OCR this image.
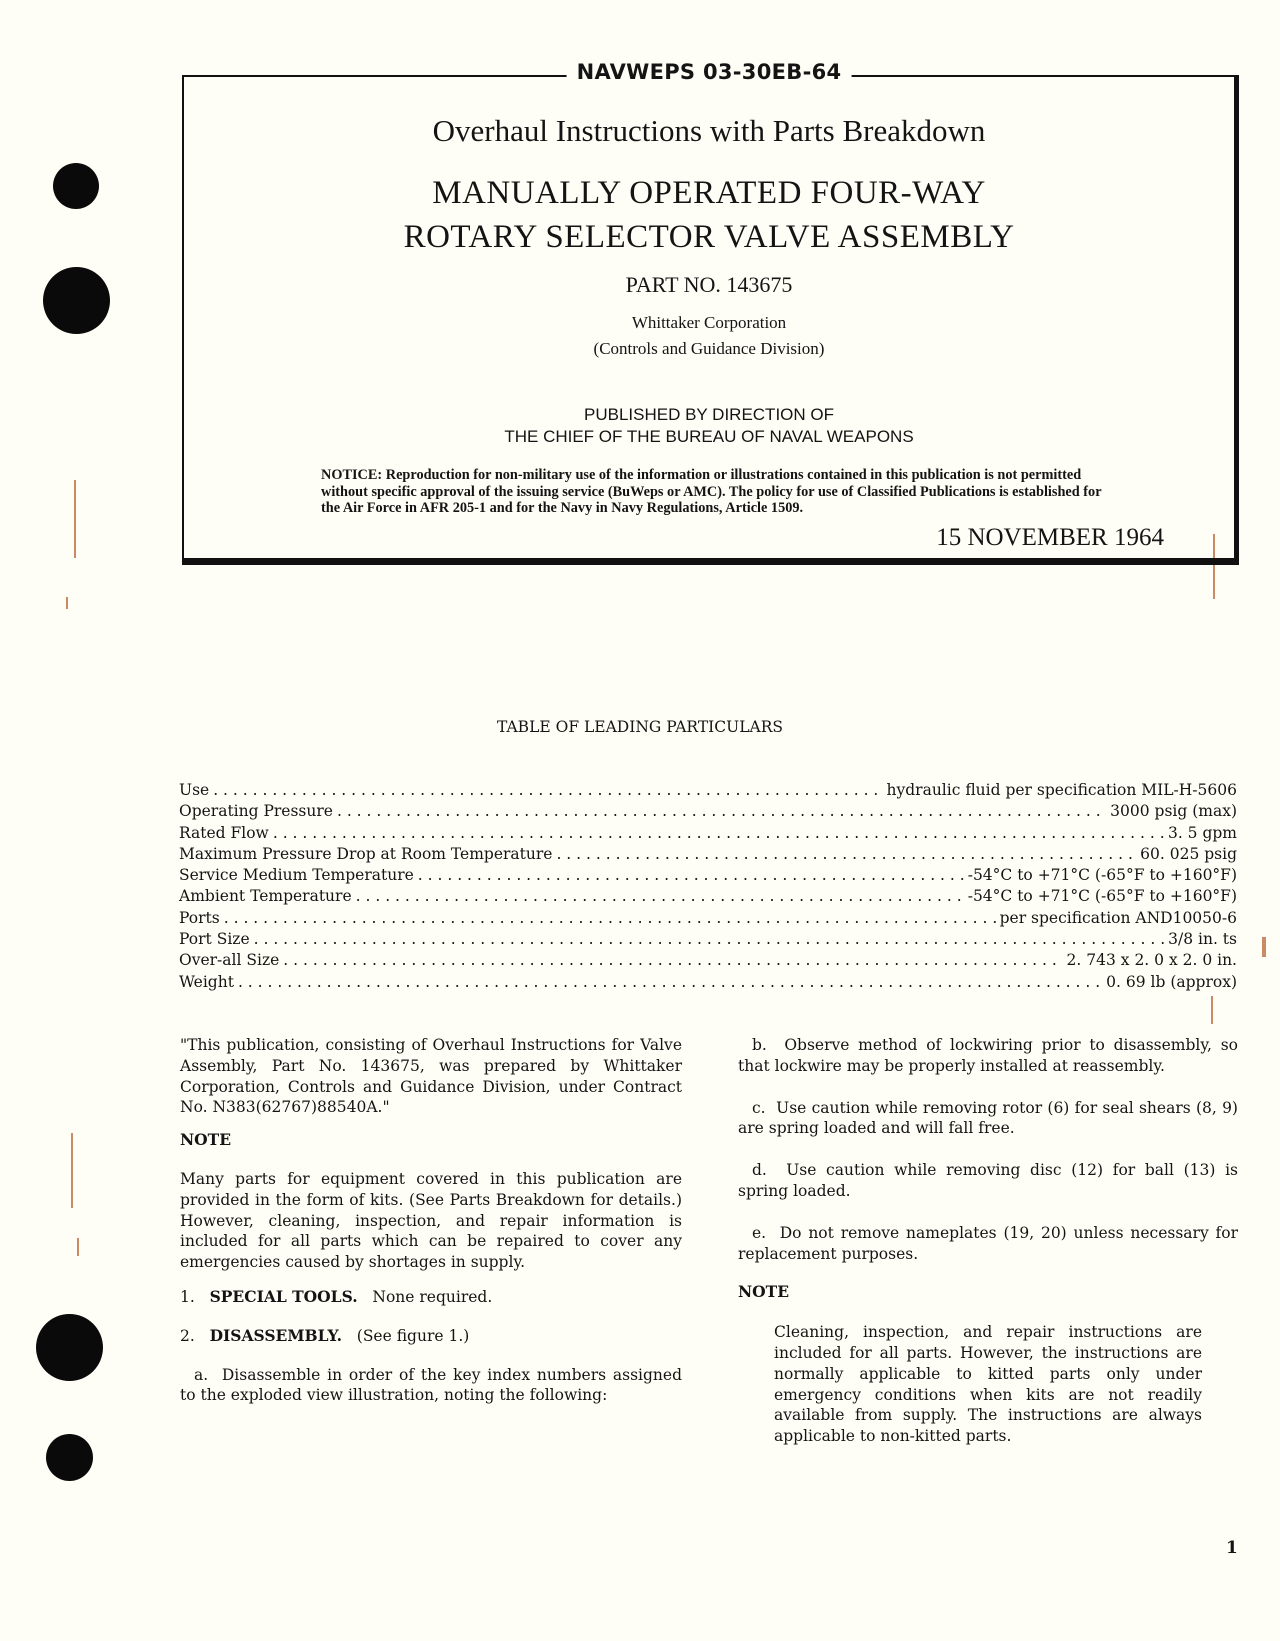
NAVWEPS 03-30EB-64
Overhaul Instructions with Parts Breakdown
MANUALLY OPERATED FOUR-WAY
ROTARY SELECTOR VALVE ASSEMBLY
PART NO. 143675
Whittaker Corporation
(Controls and Guidance Division)
PUBLISHED BY DIRECTION OF
THE CHIEF OF THE BUREAU OF NAVAL WEAPONS
NOTICE: Reproduction for non-military use of the information or illustrations contained in this publication is not permitted without specific approval of the issuing service (BuWeps or AMC). The policy for use of Classified Publications is established for the Air Force in AFR 205-1 and for the Navy in Navy Regulations, Article 1509.
15 NOVEMBER 1964
TABLE OF LEADING PARTICULARS
Use . . .	hydraulic fluid per specification MIL-H-5606
Operating Pressure . . .	3000 psig (max)
Rated Flow . . .	3. 5 gpm
Maximum Pressure Drop at Room Temperature . . .	60. 025 psig
Service Medium Temperature . . .	-54°C to +71°C (-65°F to +160°F)
Ambient Temperature . . .	-54°C to +71°C (-65°F to +160°F)
Ports . . .	per specification AND10050-6
Port Size . . .	3/8 in. ts
Over-all Size . . .	2. 743 x 2. 0 x 2. 0 in.
Weight . . .	0. 69 lb (approx)

"This publication, consisting of Overhaul Instructions for Valve Assembly, Part No. 143675, was prepared by Whittaker Corporation, Controls and Guidance Division, under Contract No. N383(62767)88540A."

NOTE

Many parts for equipment covered in this publication are provided in the form of kits. (See Parts Breakdown for details.) However, cleaning, inspection, and repair information is included for all parts which can be repaired to cover any emergencies caused by shortages in supply.

1. SPECIAL TOOLS. None required.

2. DISASSEMBLY. (See figure 1.)

a. Disassemble in order of the key index numbers assigned to the exploded view illustration, noting the following:

b. Observe method of lockwiring prior to disassembly, so that lockwire may be properly installed at reassembly.

c. Use caution while removing rotor (6) for seal shears (8, 9) are spring loaded and will fall free.

d. Use caution while removing disc (12) for ball (13) is spring loaded.

e. Do not remove nameplates (19, 20) unless necessary for replacement purposes.

NOTE

Cleaning, inspection, and repair instructions are included for all parts. However, the instructions are normally applicable to kitted parts only under emergency conditions when kits are not readily available from supply. The instructions are always applicable to non-kitted parts.

1
